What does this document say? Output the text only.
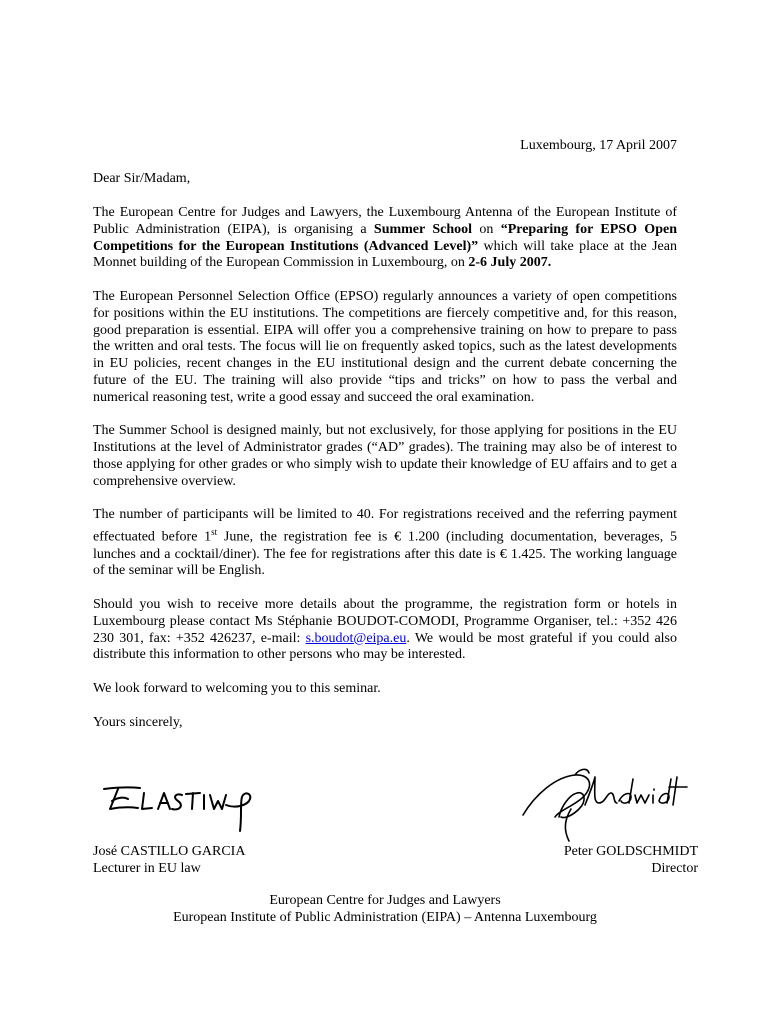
Luxembourg, 17 April 2007
Dear Sir/Madam,

The European Centre for Judges and Lawyers, the Luxembourg Antenna of the European Institute of Public Administration (EIPA), is organising a Summer School on “Preparing for EPSO Open Competitions for the European Institutions (Advanced Level)” which will take place at the Jean Monnet building of the European Commission in Luxembourg, on 2-6 July 2007.

The European Personnel Selection Office (EPSO) regularly announces a variety of open competitions for positions within the EU institutions. The competitions are fiercely competitive and, for this reason, good preparation is essential. EIPA will offer you a comprehensive training on how to prepare to pass the written and oral tests. The focus will lie on frequently asked topics, such as the latest developments in EU policies, recent changes in the EU institutional design and the current debate concerning the future of the EU. The training will also provide “tips and tricks” on how to pass the verbal and numerical reasoning test, write a good essay and succeed the oral examination.

The Summer School is designed mainly, but not exclusively, for those applying for positions in the EU Institutions at the level of Administrator grades (“AD” grades). The training may also be of interest to those applying for other grades or who simply wish to update their knowledge of EU affairs and to get a comprehensive overview.

The number of participants will be limited to 40. For registrations received and the referring payment effectuated before 1st June, the registration fee is € 1.200 (including documentation, beverages, 5 lunches and a cocktail/diner). The fee for registrations after this date is € 1.425. The working language of the seminar will be English.

Should you wish to receive more details about the programme, the registration form or hotels in Luxembourg please contact Ms Stéphanie BOUDOT-COMODI, Programme Organiser, tel.: +352 426 230 301, fax: +352 426237, e-mail: s.boudot@eipa.eu. We would be most grateful if you could also distribute this information to other persons who may be interested.

We look forward to welcoming you to this seminar.

Yours sincerely,

José CASTILLO GARCIA
Lecturer in EU law
Peter GOLDSCHMIDT
Director
European Centre for Judges and Lawyers
European Institute of Public Administration (EIPA) – Antenna Luxembourg
